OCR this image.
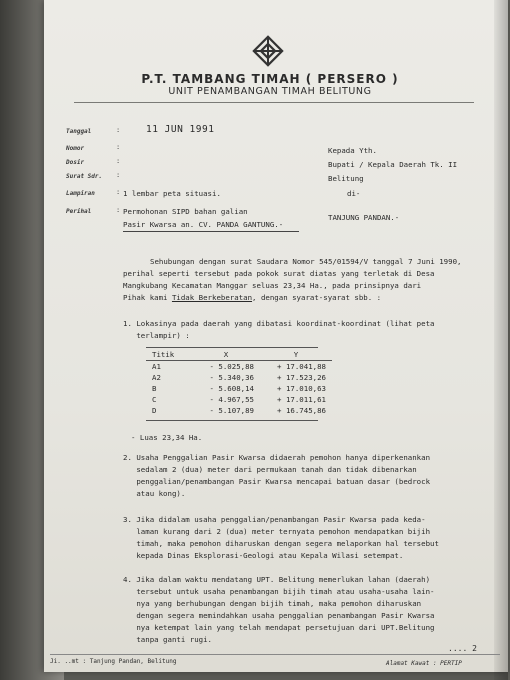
P.T. TAMBANG TIMAH ( PERSERO )
UNIT PENAMBANGAN TIMAH BELITUNG
Tanggal	:	11 JUN 1991
Nomor	:
Dosir	:
Surat Sdr. :
Lampiran	: 1 lembar peta situasi.
Perihal	: Permohonan SIPD bahan galian
Pasir Kwarsa an. CV. PANDA GANTUNG.-
Kepada Yth.
Bupati / Kepala Daerah Tk. II
Belitung
di-
TANJUNG PANDAN.-
Sehubungan dengan surat Saudara Nomor 545/01594/V tanggal 7 Juni 1990,
perihal seperti tersebut pada pokok surat diatas yang terletak di Desa
Mangkubang Kecamatan Manggar seluas 23,34 Ha., pada prinsipnya dari
Pihak kami Tidak Berkeberatan, dengan syarat-syarat sbb. :
1. Lokasinya pada daerah yang dibatasi koordinat-koordinat (lihat peta
terlampir) :
Titik	X	Y
A1	- 5.025,88	+ 17.041,88
A2	- 5.340,36	+ 17.523,26
B	- 5.608,14	+ 17.010,63
C	- 4.967,55	+ 17.011,61
D	- 5.107,89	+ 16.745,86
- Luas 23,34 Ha.
2. Usaha Penggalian Pasir Kwarsa didaerah pemohon hanya diperkenankan
sedalam 2 (dua) meter dari permukaan tanah dan tidak dibenarkan
penggalian/penambangan Pasir Kwarsa mencapai batuan dasar (bedrock
atau kong).
3. Jika didalam usaha penggalian/penambangan Pasir Kwarsa pada keda-
laman kurang dari 2 (dua) meter ternyata pemohon mendapatkan bijih
timah, maka pemohon diharuskan dengan segera melaporkan hal tersebut
kepada Dinas Eksplorasi-Geologi atau Kepala Wilasi setempat.
4. Jika dalam waktu mendatang UPT. Belitung memerlukan lahan (daerah)
tersebut untuk usaha penambangan bijih timah atau usaha-usaha lain-
nya yang berhubungan dengan bijih timah, maka pemohon diharuskan
dengan segera memindahkan usaha penggalian penambangan Pasir Kwarsa
nya ketempat lain yang telah mendapat persetujuan dari UPT.Belitung
tanpa ganti rugi.
.... 2
Ji. ..mt : Tanjung Pandan, Belitung	Alamat Kawat : PERTIP
